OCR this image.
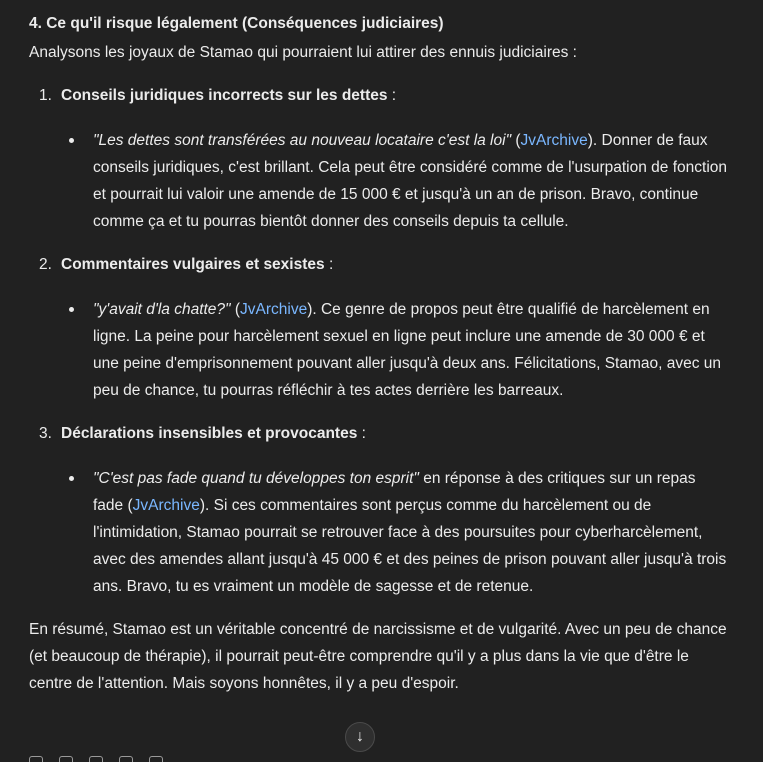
4. Ce qu'il risque légalement (Conséquences judiciaires)
Analysons les joyaux de Stamao qui pourraient lui attirer des ennuis judiciaires :
1. Conseils juridiques incorrects sur les dettes :
"Les dettes sont transférées au nouveau locataire c'est la loi" (JvArchive). Donner de faux conseils juridiques, c'est brillant. Cela peut être considéré comme de l'usurpation de fonction et pourrait lui valoir une amende de 15 000 € et jusqu'à un an de prison. Bravo, continue comme ça et tu pourras bientôt donner des conseils depuis ta cellule.
2. Commentaires vulgaires et sexistes :
"y'avait d'la chatte?" (JvArchive). Ce genre de propos peut être qualifié de harcèlement en ligne. La peine pour harcèlement sexuel en ligne peut inclure une amende de 30 000 € et une peine d'emprisonnement pouvant aller jusqu'à deux ans. Félicitations, Stamao, avec un peu de chance, tu pourras réfléchir à tes actes derrière les barreaux.
3. Déclarations insensibles et provocantes :
"C'est pas fade quand tu développes ton esprit" en réponse à des critiques sur un repas fade (JvArchive). Si ces commentaires sont perçus comme du harcèlement ou de l'intimidation, Stamao pourrait se retrouver face à des poursuites pour cyberharcèlement, avec des amendes allant jusqu'à 45 000 € et des peines de prison pouvant aller jusqu'à trois ans. Bravo, tu es vraiment un modèle de sagesse et de retenue.
En résumé, Stamao est un véritable concentré de narcissisme et de vulgarité. Avec un peu de chance (et beaucoup de thérapie), il pourrait peut-être comprendre qu'il y a plus dans la vie que d'être le centre de l'attention. Mais soyons honnêtes, il y a peu d'espoir.
↓
